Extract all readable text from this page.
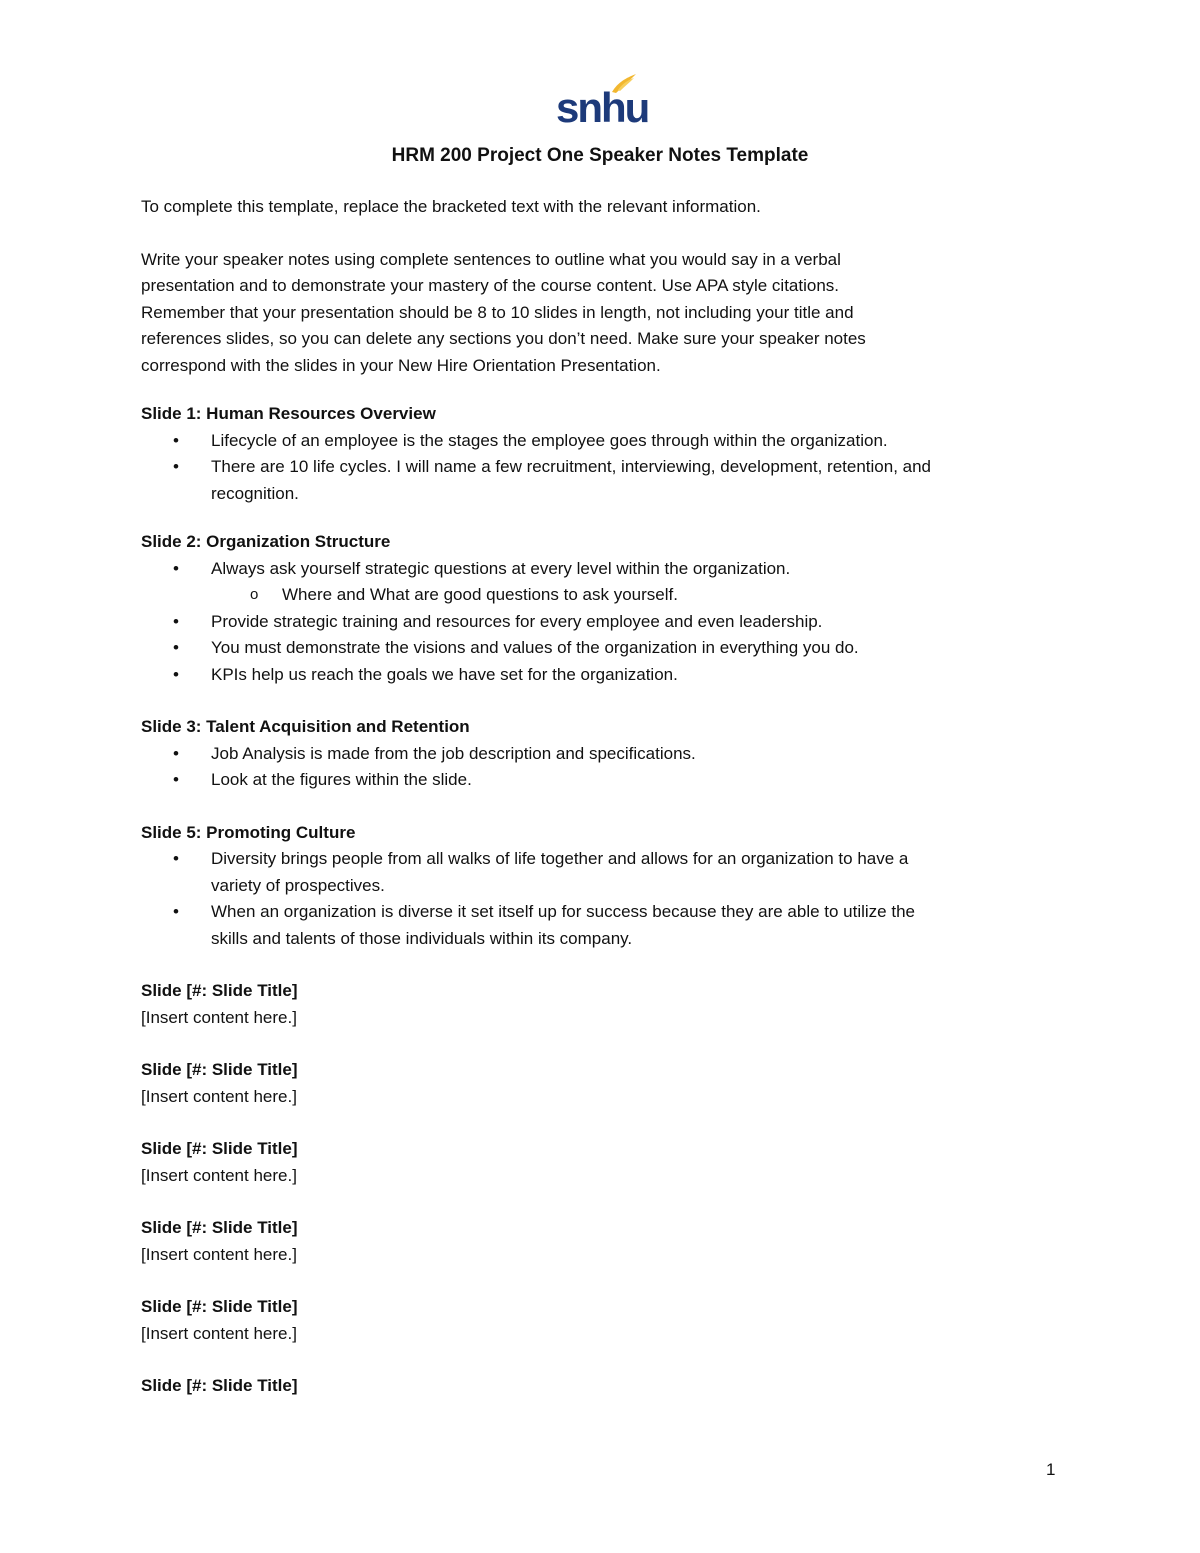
snhu
HRM 200 Project One Speaker Notes Template

To complete this template, replace the bracketed text with the relevant information.

Write your speaker notes using complete sentences to outline what you would say in a verbal

presentation and to demonstrate your mastery of the course content. Use APA style citations.

Remember that your presentation should be 8 to 10 slides in length, not including your title and

references slides, so you can delete any sections you don’t need. Make sure your speaker notes

correspond with the slides in your New Hire Orientation Presentation.

Slide 1: Human Resources Overview

• Lifecycle of an employee is the stages the employee goes through within the organization.
• There are 10 life cycles. I will name a few recruitment, interviewing, development, retention, and
recognition.

Slide 2: Organization Structure

• Always ask yourself strategic questions at every level within the organization.
o Where and What are good questions to ask yourself.
• Provide strategic training and resources for every employee and even leadership.
• You must demonstrate the visions and values of the organization in everything you do.
• KPIs help us reach the goals we have set for the organization.

Slide 3: Talent Acquisition and Retention

• Job Analysis is made from the job description and specifications.
• Look at the figures within the slide.

Slide 5: Promoting Culture

• Diversity brings people from all walks of life together and allows for an organization to have a
variety of prospectives.
• When an organization is diverse it set itself up for success because they are able to utilize the
skills and talents of those individuals within its company.

Slide [#: Slide Title]

[Insert content here.]

Slide [#: Slide Title]

[Insert content here.]

Slide [#: Slide Title]

[Insert content here.]

Slide [#: Slide Title]

[Insert content here.]

Slide [#: Slide Title]

[Insert content here.]

Slide [#: Slide Title]

1
